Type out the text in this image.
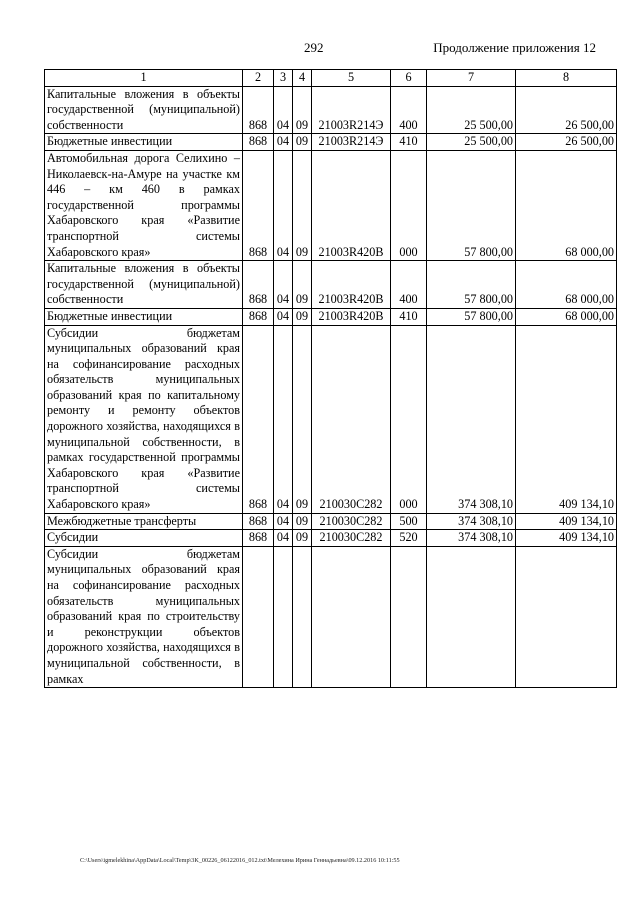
292	Продолжение приложения 12
1	2	3	4	5	6	7	8
Капитальные вложения в объекты государственной (муниципальной) собственности	868	04	09	21003R214Э	400	25 500,00	26 500,00
Бюджетные инвестиции	868	04	09	21003R214Э	410	25 500,00	26 500,00
Автомобильная дорога Селихино – Николаевск-на-Амуре на участке км 446 – км 460 в рамках государственной программы Хабаровского края «Развитие транспортной системы Хабаровского края»	868	04	09	21003R420B	000	57 800,00	68 000,00
Капитальные вложения в объекты государственной (муниципальной) собственности	868	04	09	21003R420B	400	57 800,00	68 000,00
Бюджетные инвестиции	868	04	09	21003R420B	410	57 800,00	68 000,00
Субсидии бюджетам муниципальных образований края на софинансирование расходных обязательств муниципальных образований края по капитальному ремонту и ремонту объектов дорожного хозяйства, находящихся в муниципальной собственности, в рамках государственной программы Хабаровского края «Развитие транспортной системы Хабаровского края»	868	04	09	210030C282	000	374 308,10	409 134,10
Межбюджетные трансферты	868	04	09	210030C282	500	374 308,10	409 134,10
Субсидии	868	04	09	210030C282	520	374 308,10	409 134,10
Субсидии бюджетам муниципальных образований края на софинансирование расходных обязательств муниципальных образований края по строительству и реконструкции объектов дорожного хозяйства, находящихся в муниципальной собственности, в рамках							
C:\Users\igmelekhina\AppData\Local\Temp\3K_00226_06122016_012.txt\Мелехина Ирина Геннадьевна\09.12.2016 10:11:55
